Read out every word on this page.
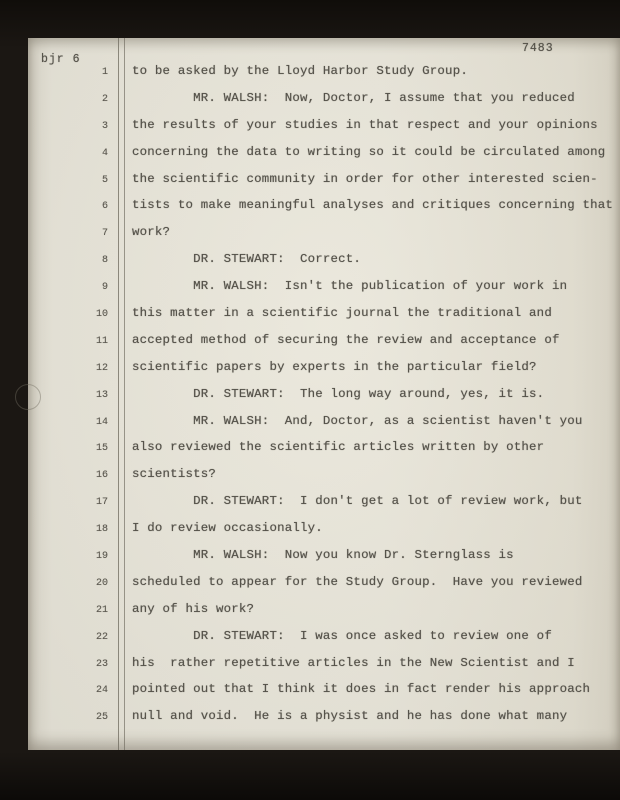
bjr 6
7483
1 to be asked by the Lloyd Harbor Study Group.
2 MR. WALSH:  Now, Doctor, I assume that you reduced
3 the results of your studies in that respect and your opinions
4 concerning the data to writing so it could be circulated among
5 the scientific community in order for other interested scien-
6 tists to make meaningful analyses and critiques concerning that
7 work?
8 DR. STEWART:  Correct.
9 MR. WALSH:  Isn't the publication of your work in
10 this matter in a scientific journal the traditional and
11 accepted method of securing the review and acceptance of
12 scientific papers by experts in the particular field?
13 DR. STEWART:  The long way around, yes, it is.
14 MR. WALSH:  And, Doctor, as a scientist haven't you
15 also reviewed the scientific articles written by other
16 scientists?
17 DR. STEWART:  I don't get a lot of review work, but
18 I do review occasionally.
19 MR. WALSH:  Now you know Dr. Sternglass is
20 scheduled to appear for the Study Group.  Have you reviewed
21 any of his work?
22 DR. STEWART:  I was once asked to review one of
23 his  rather repetitive articles in the New Scientist and I
24 pointed out that I think it does in fact render his approach
25 null and void.  He is a physist and he has done what many
